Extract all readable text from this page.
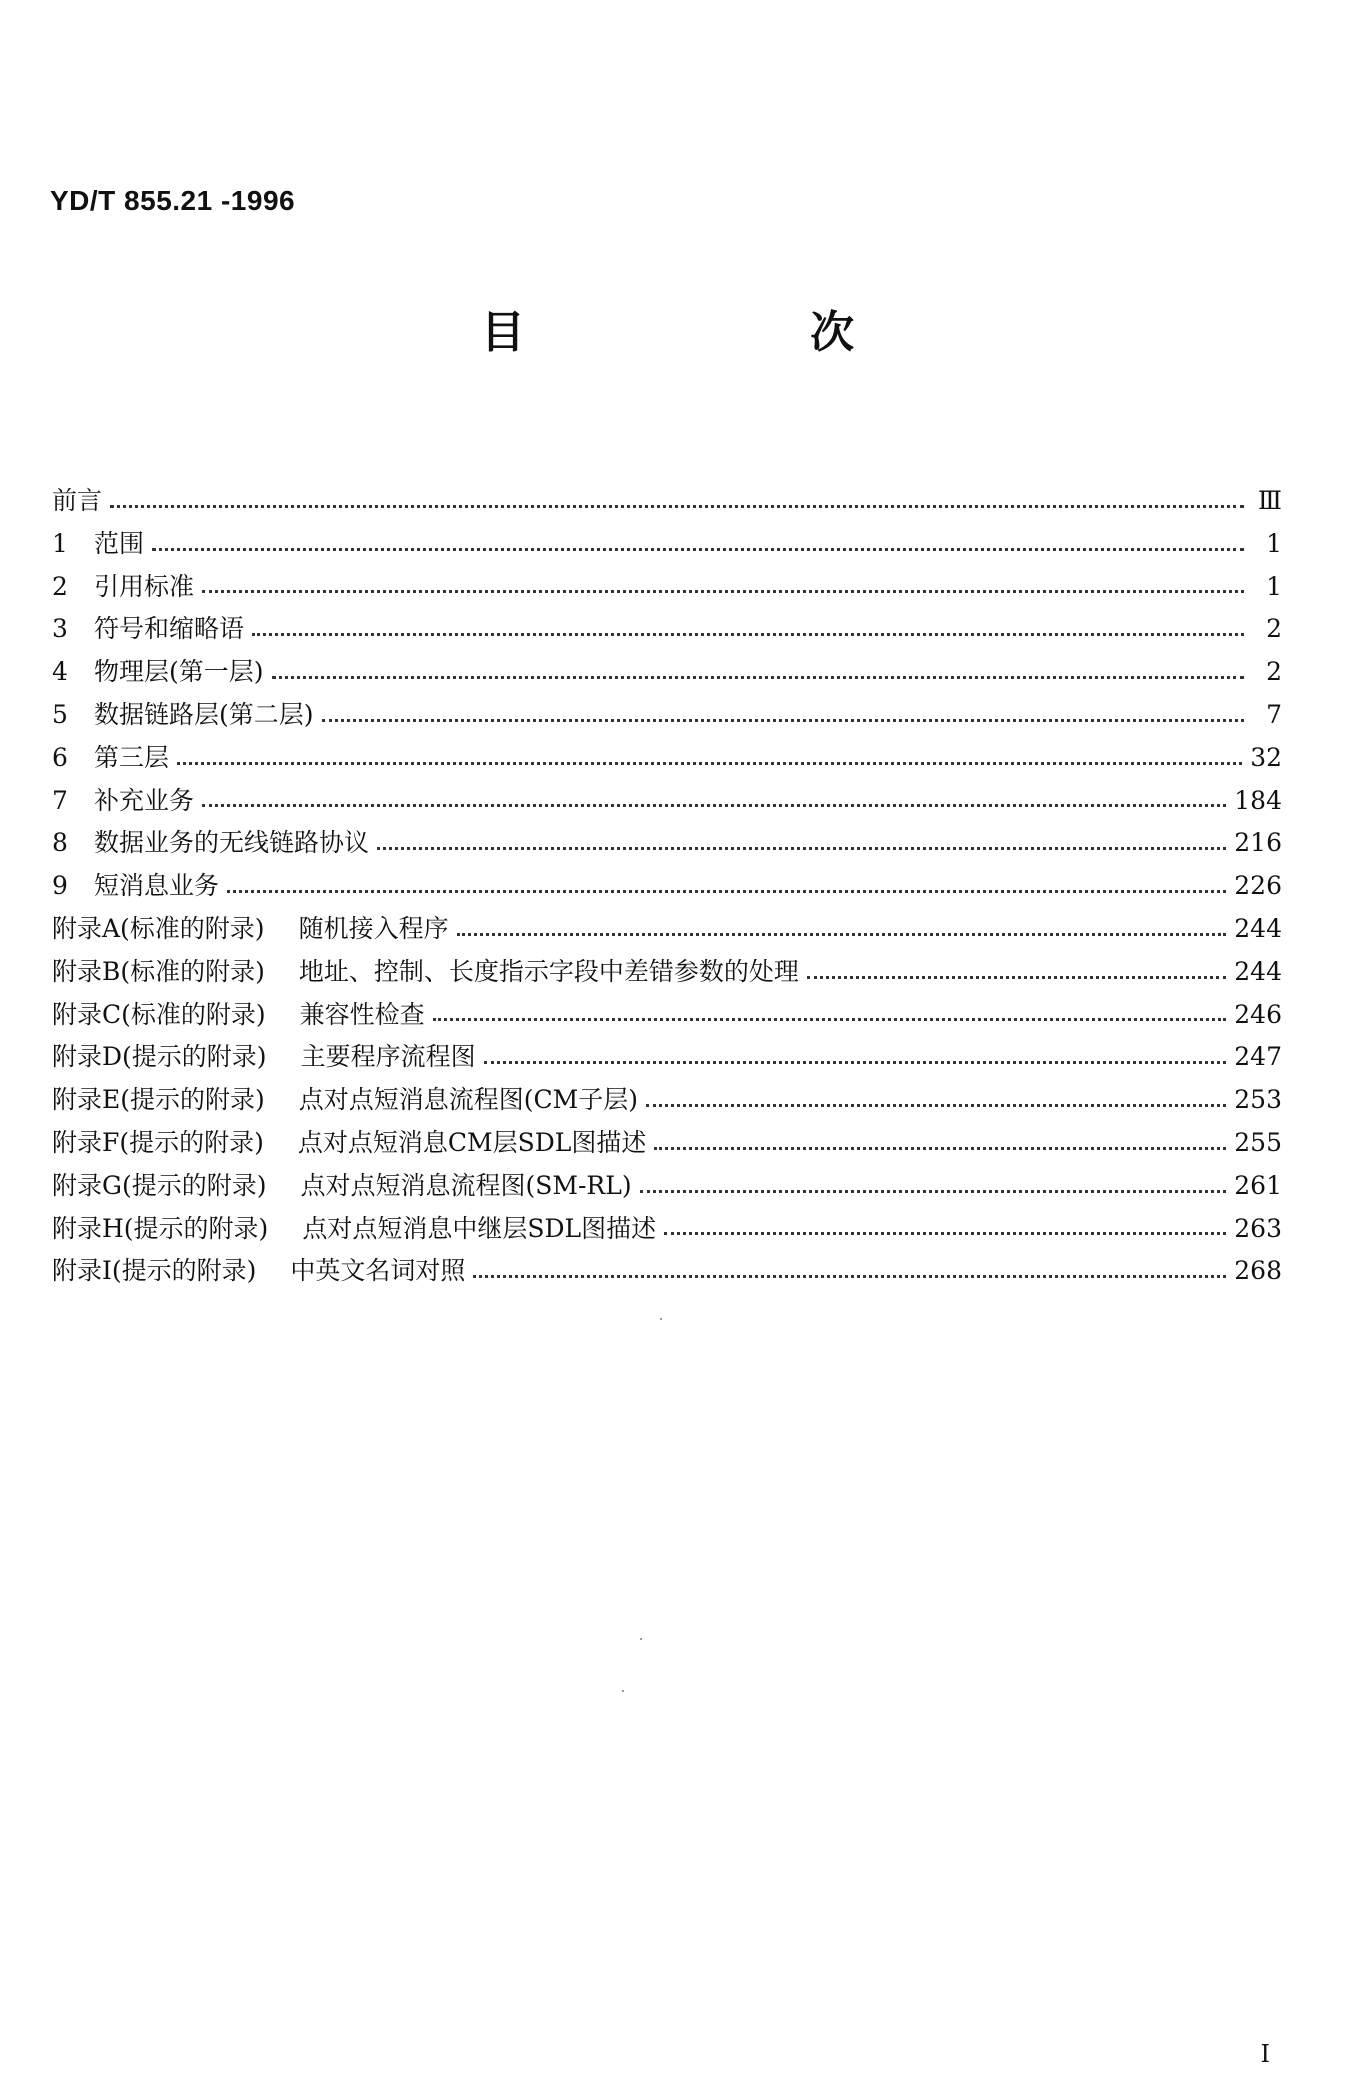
YD/T 855.21 -1996
目 次
前言	Ⅲ
1	范围	1
2	引用标准	1
3	符号和缩略语	2
4	物理层(第一层)	2
5	数据链路层(第二层)	7
6	第三层	32
7	补充业务	184
8	数据业务的无线链路协议	216
9	短消息业务	226
附录A(标准的附录) 随机接入程序	244
附录B(标准的附录) 地址、控制、长度指示字段中差错参数的处理	244
附录C(标准的附录) 兼容性检查	246
附录D(提示的附录) 主要程序流程图	247
附录E(提示的附录) 点对点短消息流程图(CM子层)	253
附录F(提示的附录) 点对点短消息CM层SDL图描述	255
附录G(提示的附录) 点对点短消息流程图(SM-RL)	261
附录H(提示的附录) 点对点短消息中继层SDL图描述	263
附录I(提示的附录) 中英文名词对照	268
I
